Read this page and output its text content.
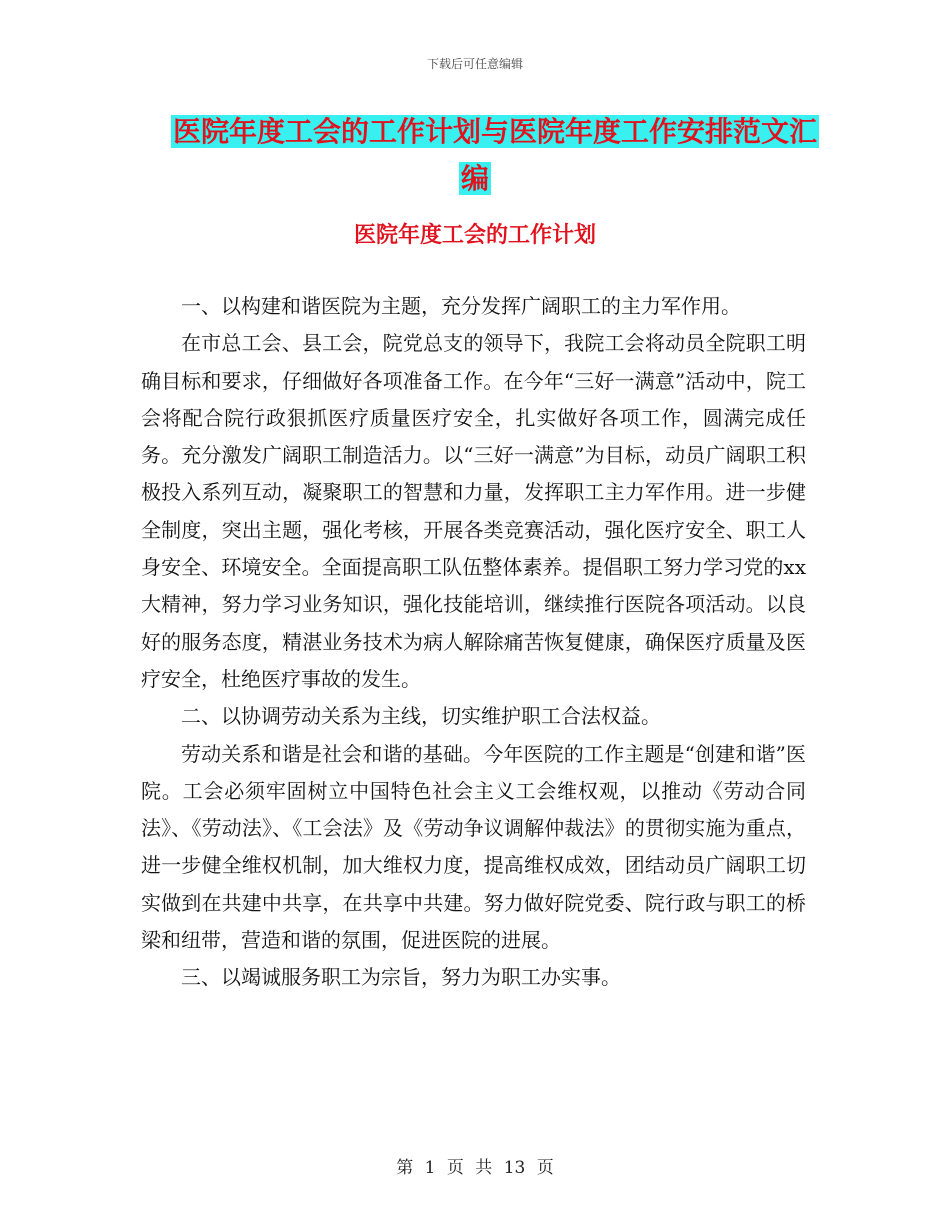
下载后可任意编辑
医院年度工会的工作计划与医院年度工作安排范文汇
编
医院年度工会的工作计划

一、以构建和谐医院为主题，充分发挥广阔职工的主力军作用。

在市总工会、县工会，院党总支的领导下，我院工会将动员全院职工明确目标和要求，仔细做好各项准备工作。在今年“三好一满意”活动中，院工会将配合院行政狠抓医疗质量医疗安全，扎实做好各项工作，圆满完成任务。充分激发广阔职工制造活力。以“三好一满意”为目标，动员广阔职工积极投入系列互动，凝聚职工的智慧和力量，发挥职工主力军作用。进一步健全制度，突出主题，强化考核，开展各类竞赛活动，强化医疗安全、职工人身安全、环境安全。全面提高职工队伍整体素养。提倡职工努力学习党的xx大精神，努力学习业务知识，强化技能培训，继续推行医院各项活动。以良好的服务态度，精湛业务技术为病人解除痛苦恢复健康，确保医疗质量及医疗安全，杜绝医疗事故的发生。

二、以协调劳动关系为主线，切实维护职工合法权益。

劳动关系和谐是社会和谐的基础。今年医院的工作主题是“创建和谐”医院。工会必须牢固树立中国特色社会主义工会维权观，以推动《劳动合同法》、《劳动法》、《工会法》及《劳动争议调解仲裁法》的贯彻实施为重点，进一步健全维权机制，加大维权力度，提高维权成效，团结动员广阔职工切实做到在共建中共享，在共享中共建。努力做好院党委、院行政与职工的桥梁和纽带，营造和谐的氛围，促进医院的进展。

三、以竭诚服务职工为宗旨，努力为职工办实事。

第 1 页 共 13 页
